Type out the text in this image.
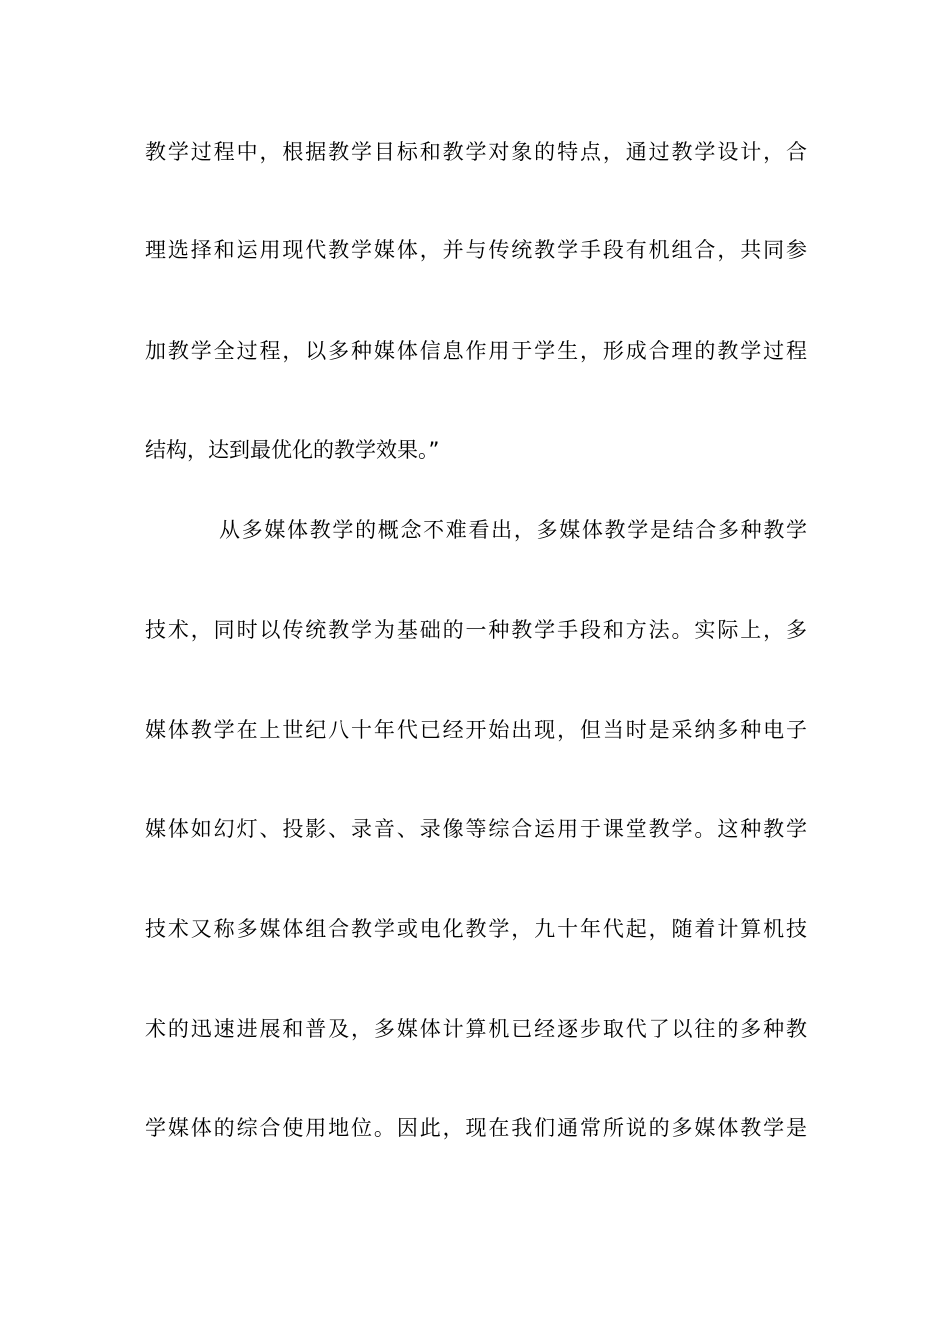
教学过程中，根据教学目标和教学对象的特点，通过教学设计，合
理选择和运用现代教学媒体，并与传统教学手段有机组合，共同参
加教学全过程，以多种媒体信息作用于学生，形成合理的教学过程
结构，达到最优化的教学效果。”
从多媒体教学的概念不难看出，多媒体教学是结合多种教学
技术，同时以传统教学为基础的一种教学手段和方法。实际上，多
媒体教学在上世纪八十年代已经开始出现，但当时是采纳多种电子
媒体如幻灯、投影、录音、录像等综合运用于课堂教学。这种教学
技术又称多媒体组合教学或电化教学，九十年代起，随着计算机技
术的迅速进展和普及，多媒体计算机已经逐步取代了以往的多种教
学媒体的综合使用地位。因此，现在我们通常所说的多媒体教学是
